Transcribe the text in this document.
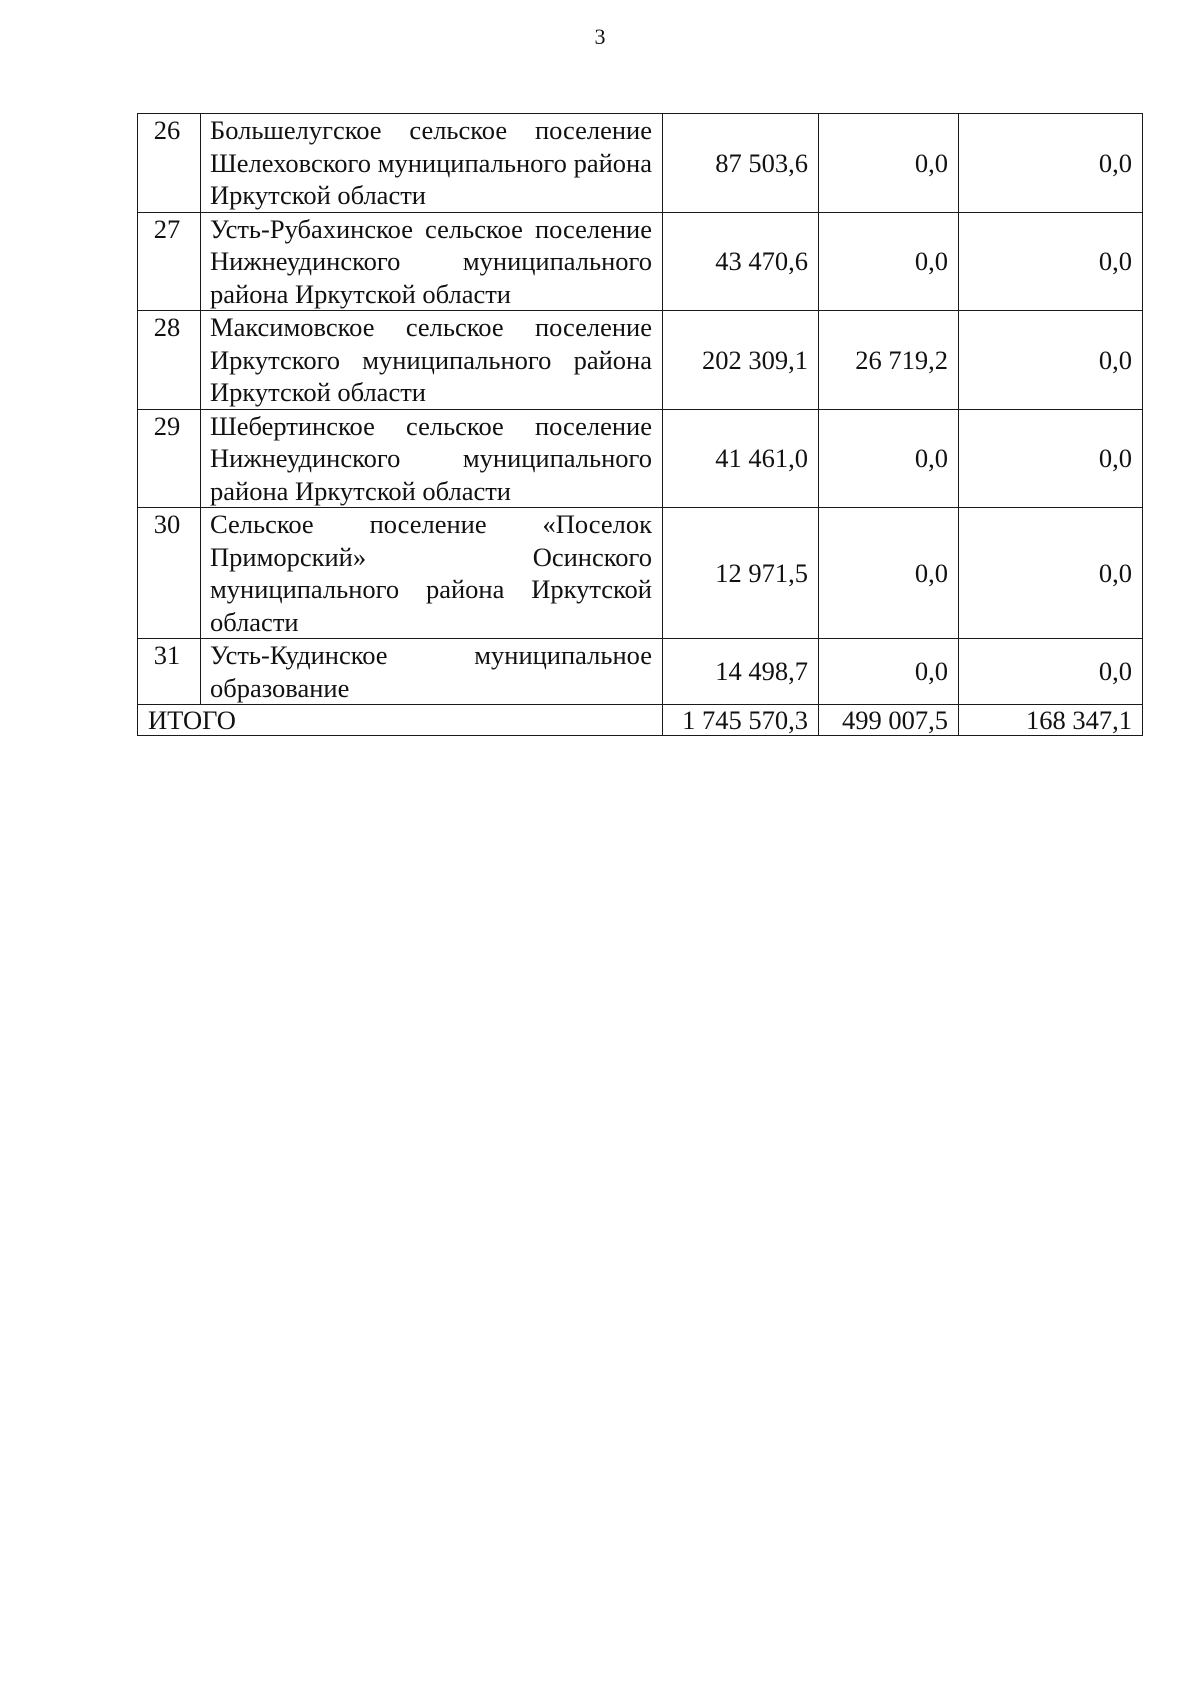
3
26	Большелугское сельское поселение Шелеховского муниципального района Иркутской области	87 503,6	0,0	0,0
27	Усть-Рубахинское сельское поселение Нижнеудинского муниципального района Иркутской области	43 470,6	0,0	0,0
28	Максимовское сельское поселение Иркутского муниципального района Иркутской области	202 309,1	26 719,2	0,0
29	Шебертинское сельское поселение Нижнеудинского муниципального района Иркутской области	41 461,0	0,0	0,0
30	Сельское поселение «Поселок Приморский» Осинского муниципального района Иркутской области	12 971,5	0,0	0,0
31	Усть-Кудинское муниципальное образование	14 498,7	0,0	0,0
ИТОГО		1 745 570,3	499 007,5	168 347,1
